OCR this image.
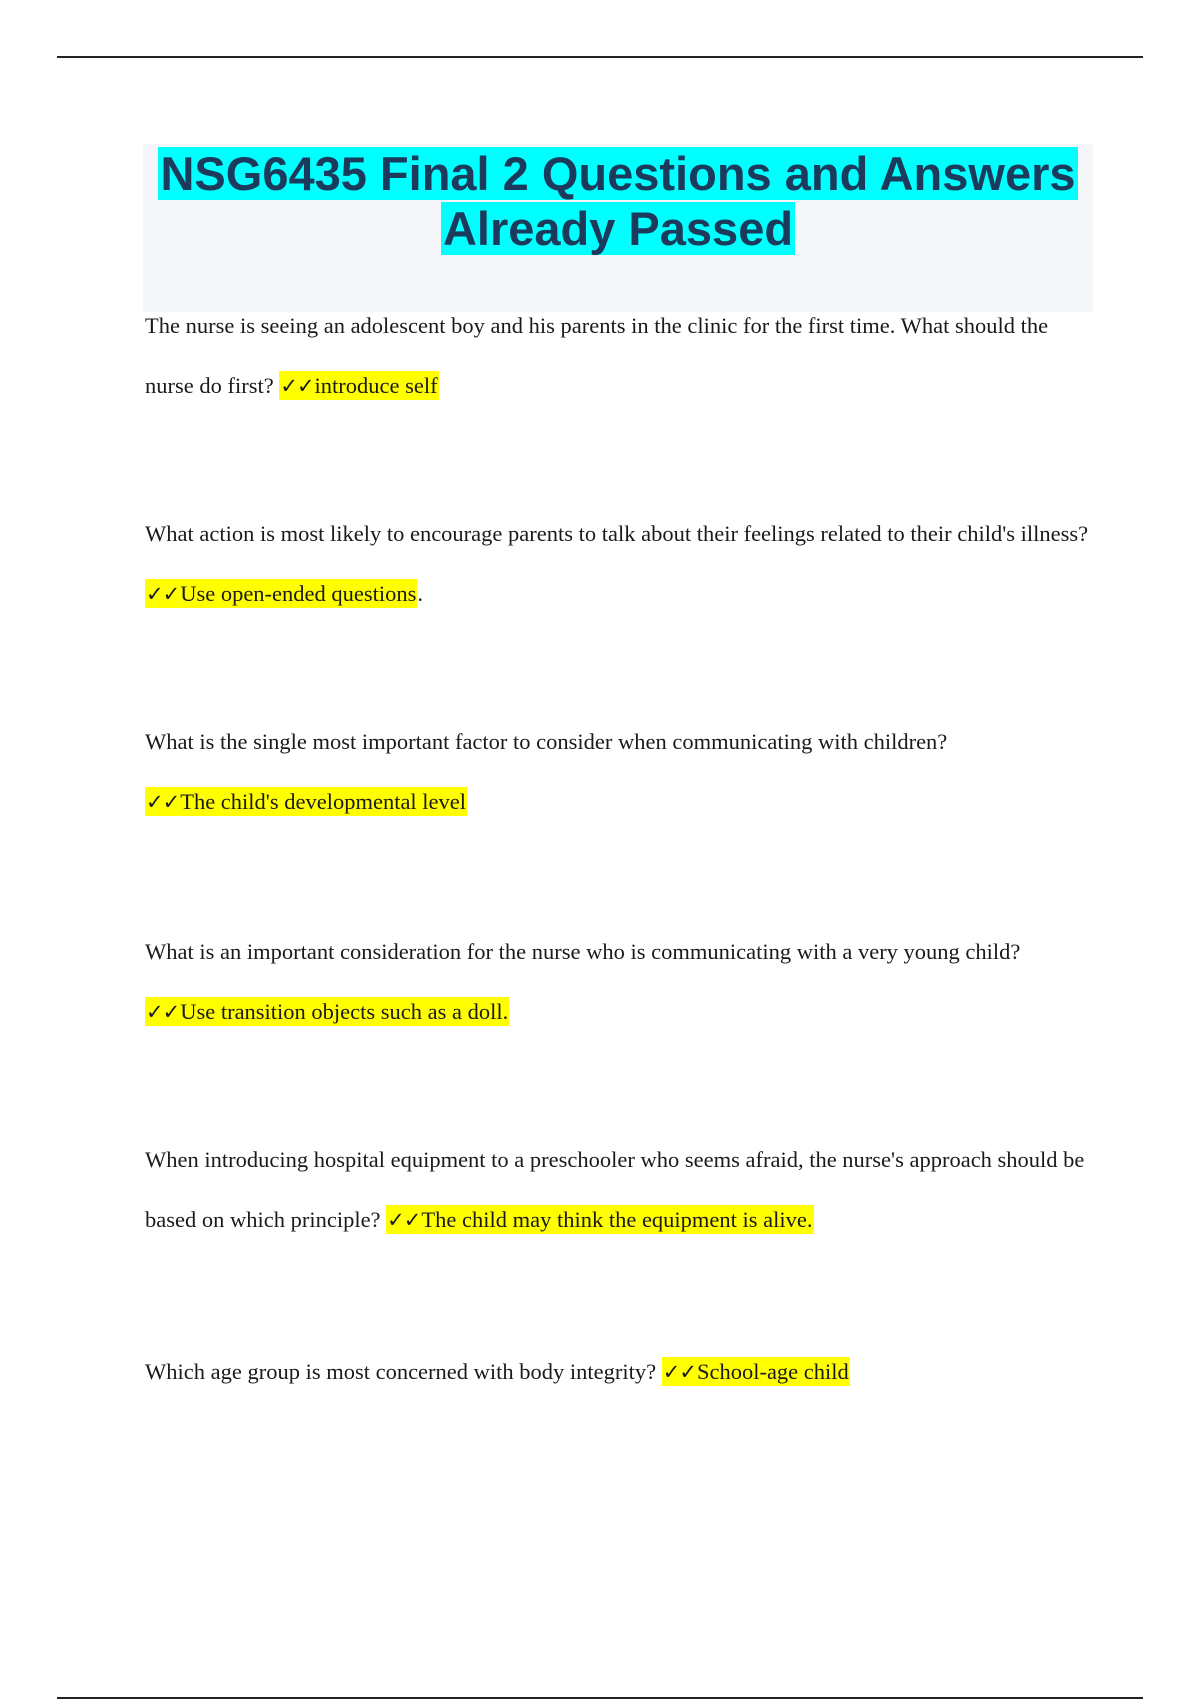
NSG6435 Final 2 Questions and Answers
Already Passed

The nurse is seeing an adolescent boy and his parents in the clinic for the first time. What should the nurse do first? ✓✓introduce self

What action is most likely to encourage parents to talk about their feelings related to their child's illness? ✓✓Use open-ended questions.

What is the single most important factor to consider when communicating with children?
✓✓The child's developmental level

What is an important consideration for the nurse who is communicating with a very young child?
✓✓Use transition objects such as a doll.

When introducing hospital equipment to a preschooler who seems afraid, the nurse's approach should be based on which principle? ✓✓The child may think the equipment is alive.

Which age group is most concerned with body integrity? ✓✓School-age child
